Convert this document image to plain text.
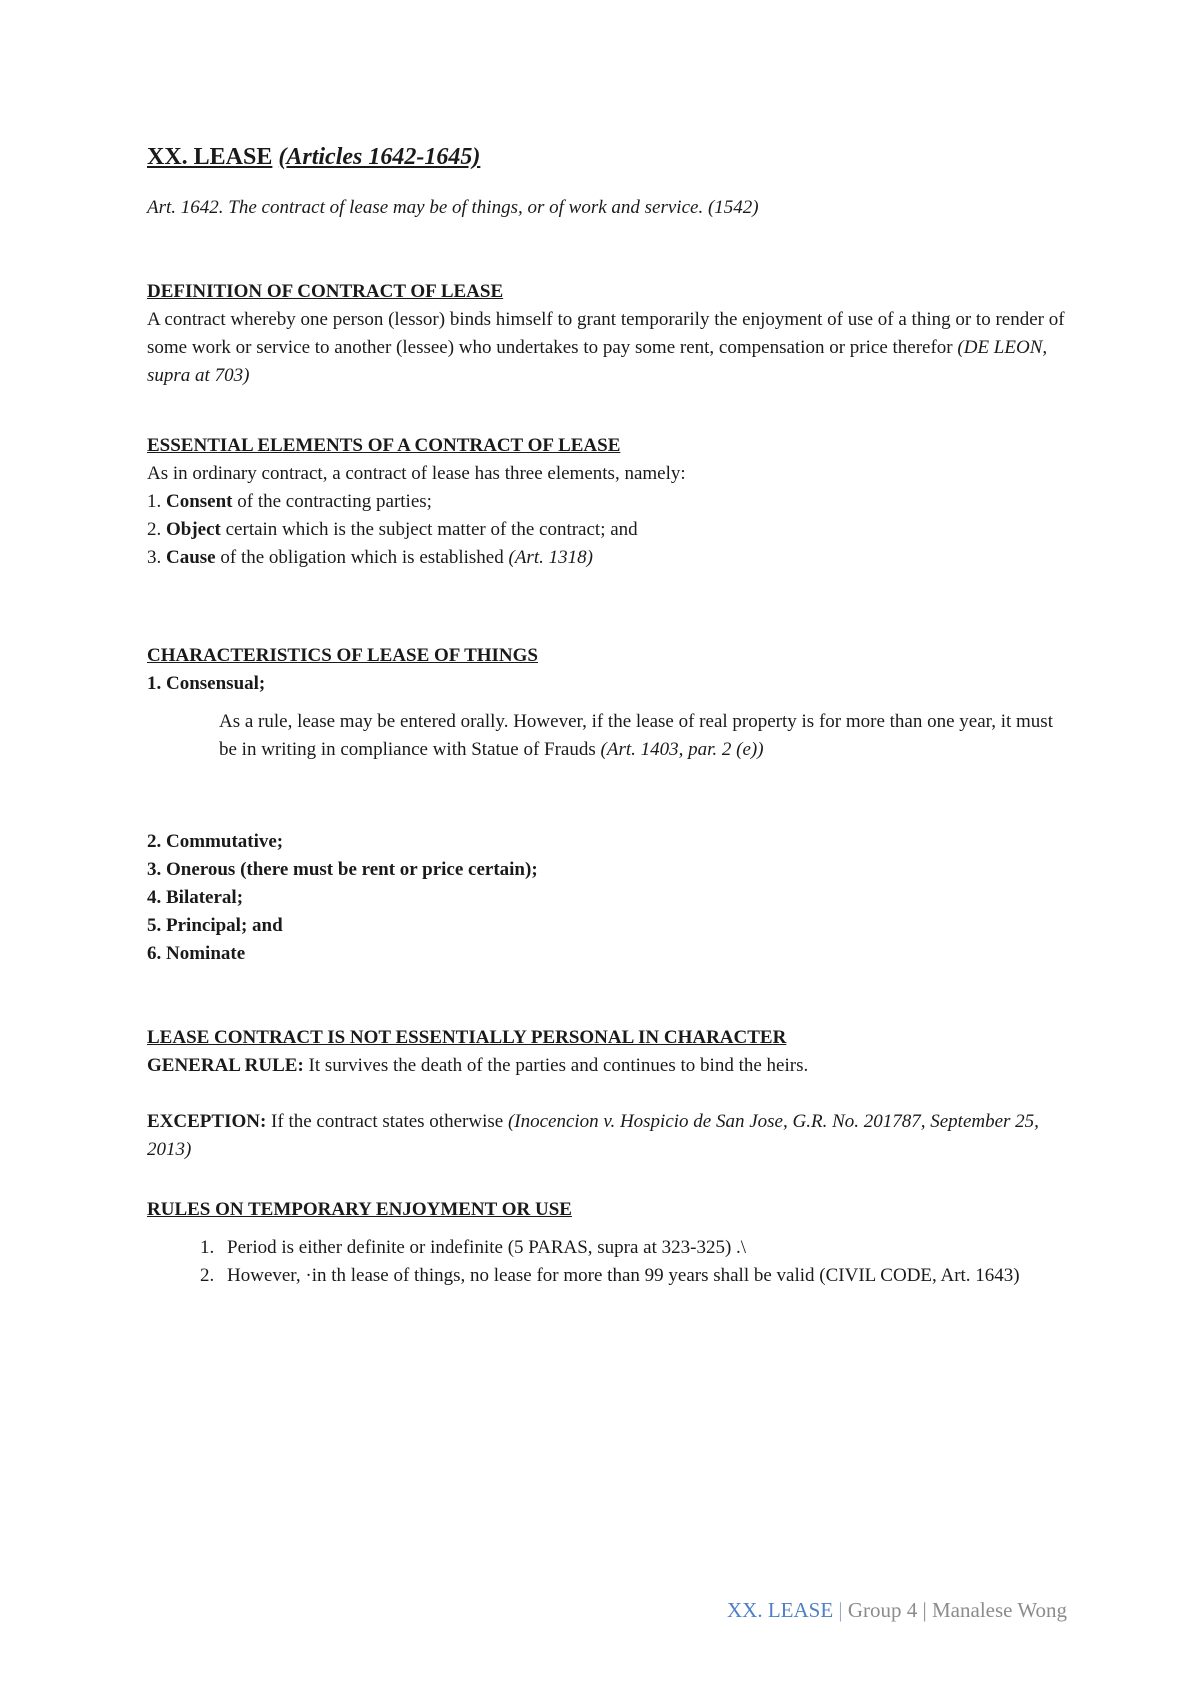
XX. LEASE (Articles 1642-1645)

Art. 1642. The contract of lease may be of things, or of work and service. (1542)

DEFINITION OF CONTRACT OF LEASE

A contract whereby one person (lessor) binds himself to grant temporarily the enjoyment of use of a thing or to render of some work or service to another (lessee) who undertakes to pay some rent, compensation or price therefor (DE LEON, supra at 703)

ESSENTIAL ELEMENTS OF A CONTRACT OF LEASE

As in ordinary contract, a contract of lease has three elements, namely:

1. Consent of the contracting parties;

2. Object certain which is the subject matter of the contract; and

3. Cause of the obligation which is established (Art. 1318)

CHARACTERISTICS OF LEASE OF THINGS

1. Consensual;

As a rule, lease may be entered orally. However, if the lease of real property is for more than one year, it must be in writing in compliance with Statue of Frauds (Art. 1403, par. 2 (e))

2. Commutative;

3. Onerous (there must be rent or price certain);

4. Bilateral;

5. Principal; and

6. Nominate

LEASE CONTRACT IS NOT ESSENTIALLY PERSONAL IN CHARACTER

GENERAL RULE: It survives the death of the parties and continues to bind the heirs.

EXCEPTION: If the contract states otherwise (Inocencion v. Hospicio de San Jose, G.R. No. 201787, September 25, 2013)

RULES ON TEMPORARY ENJOYMENT OR USE

1. Period is either definite or indefinite (5 PARAS, supra at 323-325) .\
2. However, ·in th lease of things, no lease for more than 99 years shall be valid (CIVIL CODE, Art. 1643)
XX. LEASE | Group 4 | Manalese Wong
